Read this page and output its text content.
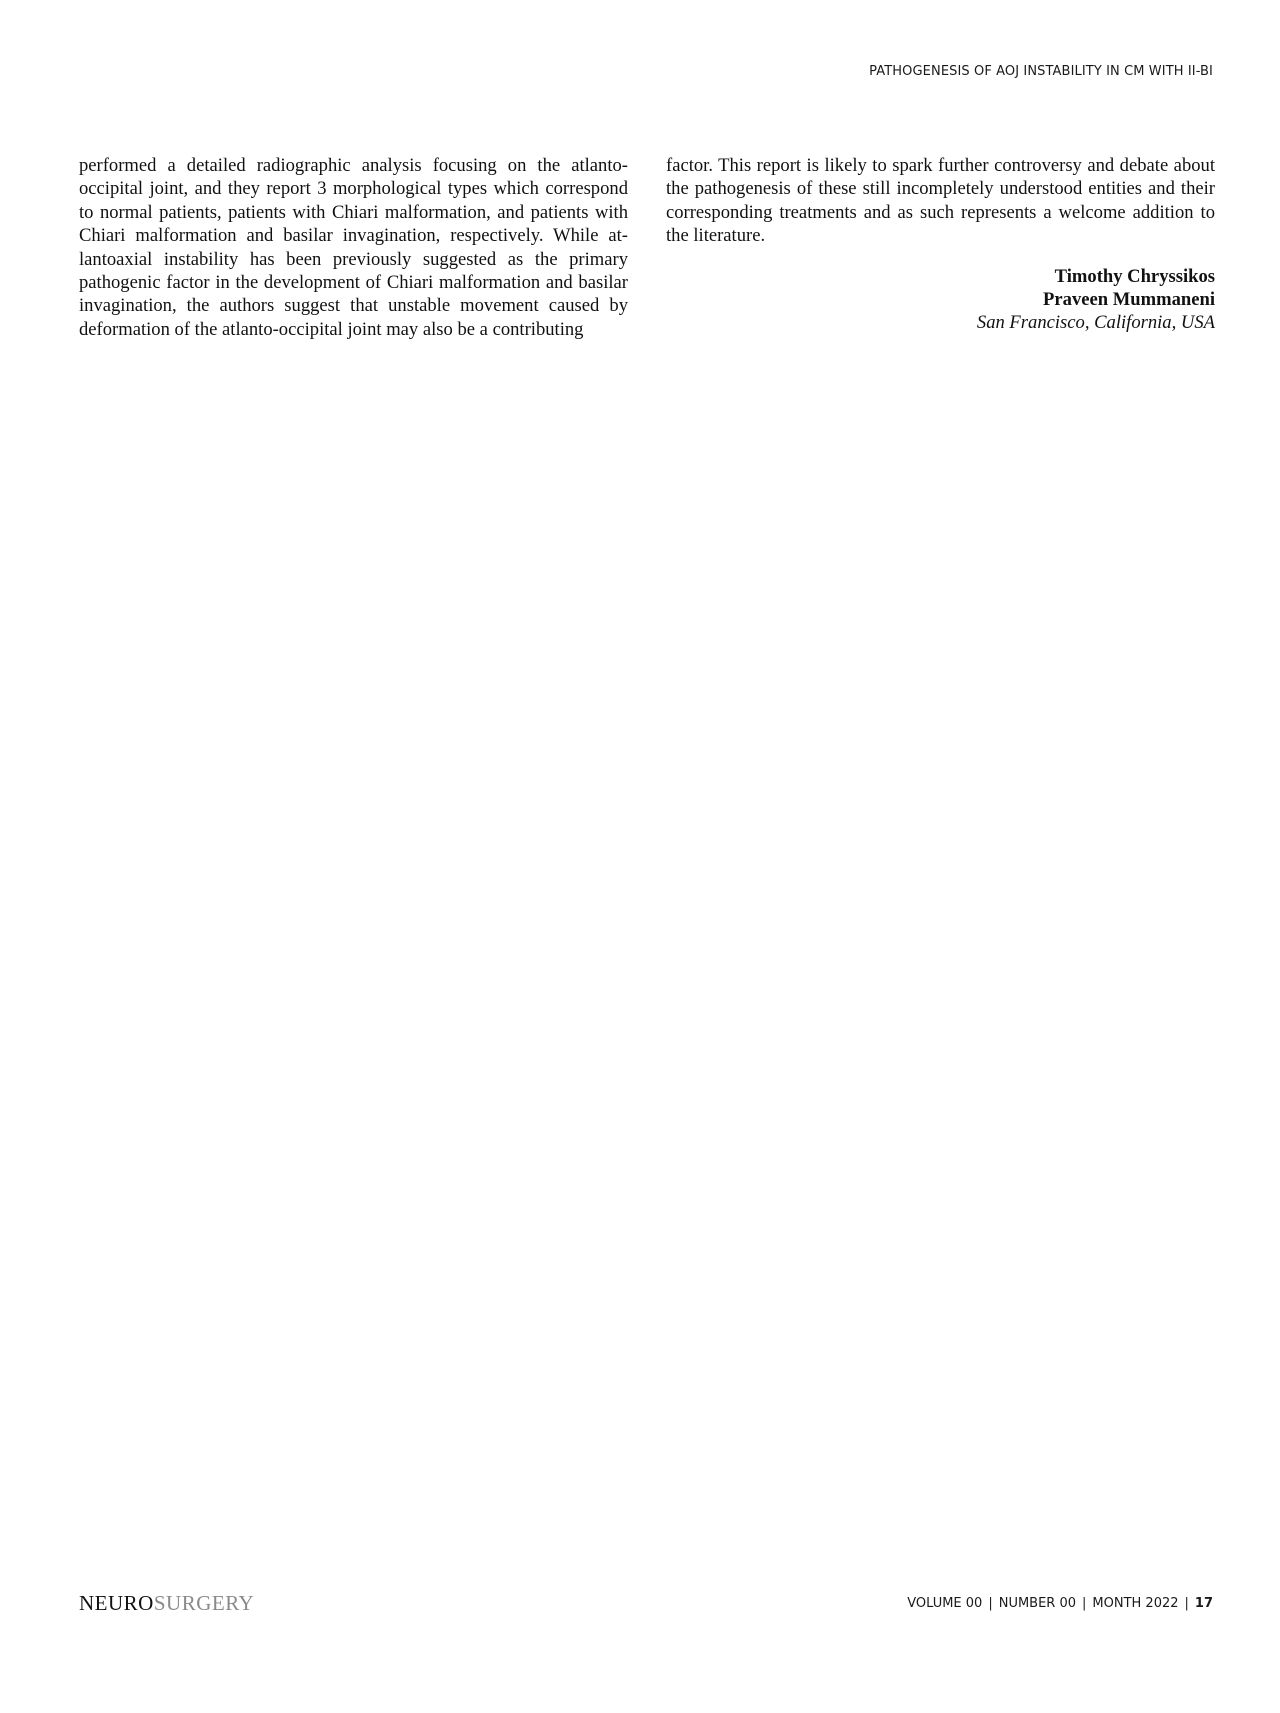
PATHOGENESIS OF AOJ INSTABILITY IN CM WITH II-BI

performed a detailed radiographic analysis focusing on the atlanto-occipital joint, and they report 3 morphological types which correspond to normal patients, patients with Chiari malformation, and patients with Chiari malformation and basilar invagination, respectively. While at-lantoaxial instability has been previously suggested as the primary pathogenic factor in the development of Chiari malformation and basilar invagination, the authors suggest that unstable movement caused by deformation of the atlanto-occipital joint may also be a contributing

factor. This report is likely to spark further controversy and debate about the pathogenesis of these still incompletely understood entities and their corresponding treatments and as such represents a welcome addition to the literature.

Timothy Chryssikos
Praveen Mummaneni
San Francisco, California, USA
NEUROSURGERY	VOLUME 00 | NUMBER 00 | MONTH 2022 | 17
